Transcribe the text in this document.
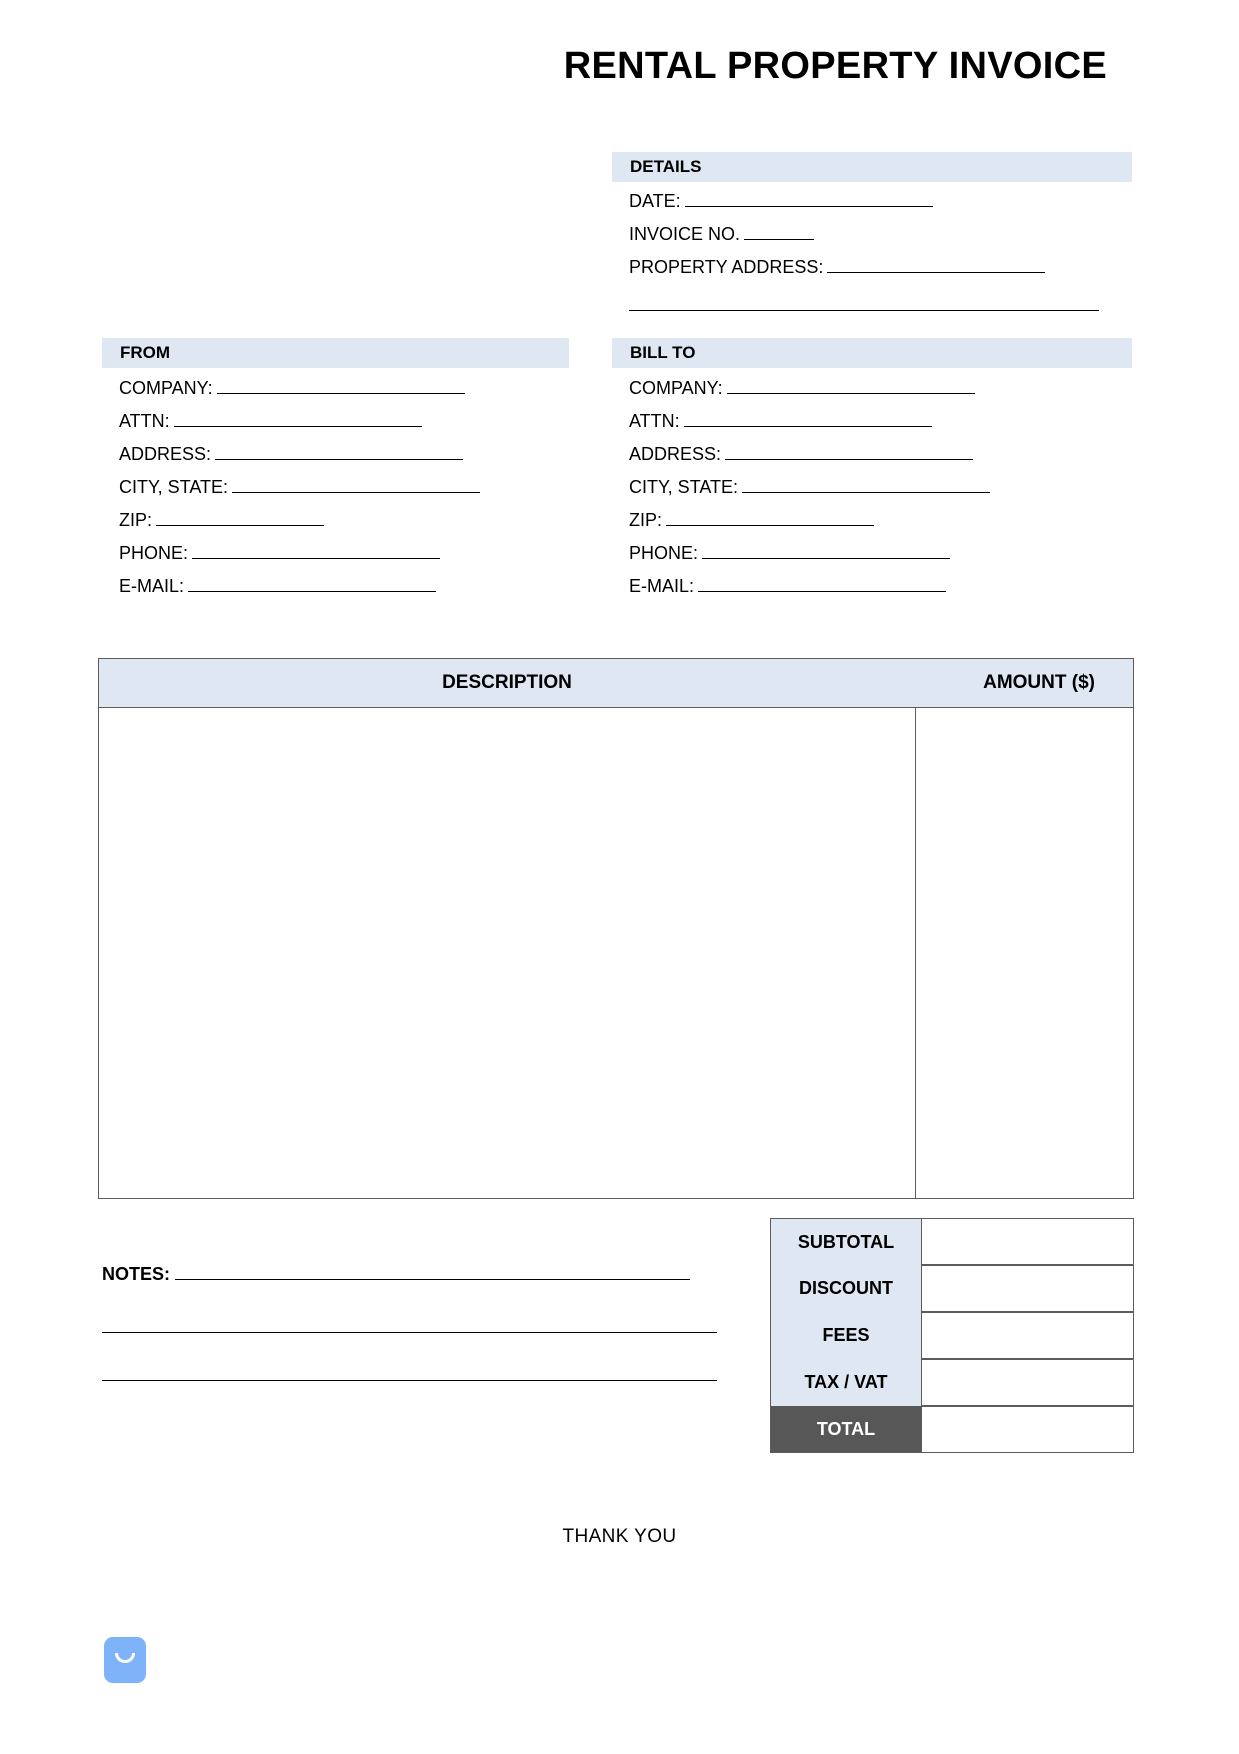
RENTAL PROPERTY INVOICE
DETAILS
DATE:
INVOICE NO.
PROPERTY ADDRESS:
FROM
COMPANY:
ATTN:
ADDRESS:
CITY, STATE:
ZIP:
PHONE:
E-MAIL:
BILL TO
COMPANY:
ATTN:
ADDRESS:
CITY, STATE:
ZIP:
PHONE:
E-MAIL:
DESCRIPTION	AMOUNT ($)
NOTES:
SUBTOTAL
DISCOUNT
FEES
TAX / VAT
TOTAL
THANK YOU
